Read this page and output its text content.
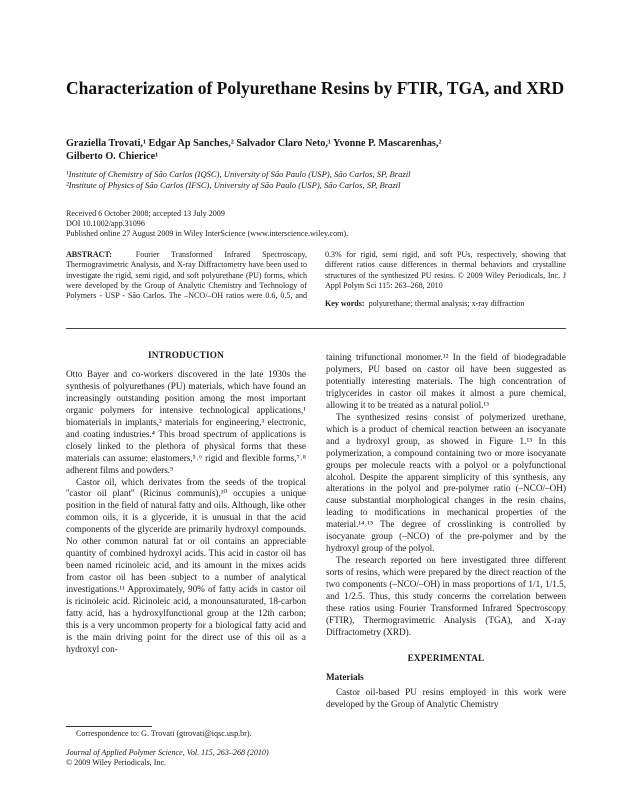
Characterization of Polyurethane Resins by FTIR, TGA, and XRD
Graziella Trovati,¹ Edgar Ap Sanches,² Salvador Claro Neto,¹ Yvonne P. Mascarenhas,²
Gilberto O. Chierice¹
¹Institute of Chemistry of São Carlos (IQSC), University of São Paulo (USP), São Carlos, SP, Brazil
²Institute of Physics of São Carlos (IFSC), University of São Paulo (USP), São Carlos, SP, Brazil
Received 6 October 2008; accepted 13 July 2009
DOI 10.1002/app.31096
Published online 27 August 2009 in Wiley InterScience (www.interscience.wiley.com).

ABSTRACT:	Fourier Transformed Infrared Spectroscopy, Thermogravimetric Analysis, and X-ray Diffractometry have been used to investigate the rigid, semi rigid, and soft polyurethane (PU) forms, which were developed by the Group of Analytic Chemistry and Technology of Polymers - USP - São Carlos. The –NCO/–OH ratios were 0.6, 0.5, and 0.3% for rigid, semi rigid, and soft PUs, respectively, showing that different ratios cause differences in thermal behaviors and crystalline structures of the synthesized PU resins. © 2009 Wiley Periodicals, Inc. J Appl Polym Sci 115: 263–268, 2010

Key words: polyurethane; thermal analysis; x-ray diffraction

INTRODUCTION

Otto Bayer and co-workers discovered in the late 1930s the synthesis of polyurethanes (PU) materials, which have found an increasingly outstanding position among the most important organic polymers for intensive technological applications,¹ biomaterials in implants,² materials for engineering,³ electronic, and coating industries.⁴ This broad spectrum of applications is closely linked to the plethora of physical forms that these materials can assume: elastomers,⁵˒⁶ rigid and flexible forms,⁷˒⁸ adherent films and powders.⁹

Castor oil, which derivates from the seeds of the tropical ''castor oil plant'' (Ricinus communis),¹⁰ occupies a unique position in the field of natural fatty and oils. Although, like other common oils, it is a glyceride, it is unusual in that the acid components of the glyceride are primarily hydroxyl compounds. No other common natural fat or oil contains an appreciable quantity of combined hydroxyl acids. This acid in castor oil has been named ricinoleic acid, and its amount in the mixes acids from castor oil has been subject to a number of analytical investigations.¹¹ Approximately, 90% of fatty acids in castor oil is ricinoleic acid. Ricinoleic acid, a monounsaturated, 18-carbon fatty acid, has a hydroxylfunctional group at the 12th carbon; this is a very uncommon property for a biological fatty acid and is the main driving point for the direct use of this oil as a hydroxyl con-

taining trifunctional monomer.¹² In the field of biodegradable polymers, PU based on castor oil have been suggested as potentially interesting materials. The high concentration of triglycerides in castor oil makes it almost a pure chemical, allowing it to be treated as a natural poliol.¹³

The synthesized resins consist of polymerized urethane, which is a product of chemical reaction between an isocyanate and a hydroxyl group, as showed in Figure 1.¹³ In this polymerization, a compound containing two or more isocyanate groups per molecule reacts with a polyol or a polyfunctional alcohol. Despite the apparent simplicity of this synthesis, any alterations in the polyol and pre-polymer ratio (–NCO/–OH) cause substantial morphological changes in the resin chains, leading to modifications in mechanical properties of the material.¹⁴˒¹⁵ The degree of crosslinking is controlled by isocyanate group (–NCO) of the pre-polymer and by the hydroxyl group of the polyol.

The research reported on here investigated three different sorts of resins, which were prepared by the direct reaction of the two components (–NCO/–OH) in mass proportions of 1/1, 1/1.5, and 1/2.5. Thus, this study concerns the correlation between these ratios using Fourier Transformed Infrared Spectroscopy (FTIR), Thermogravimetric Analysis (TGA), and X-ray Diffractometry (XRD).

EXPERIMENTAL
Materials

Castor oil-based PU resins employed in this work were developed by the Group of Analytic Chemistry

Correspondence to: G. Trovati (gtrovati@iqsc.usp.br).
Journal of Applied Polymer Science, Vol. 115, 263–268 (2010)
© 2009 Wiley Periodicals, Inc.
